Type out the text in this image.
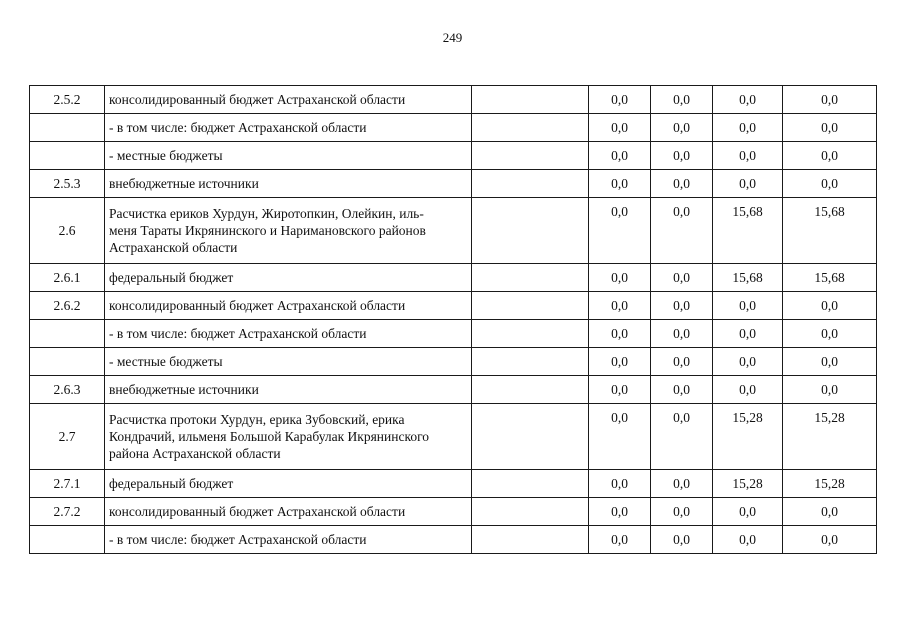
249
2.5.2	консолидированный бюджет Астраханской области		0,0	0,0	0,0	0,0
	- в том числе: бюджет Астраханской области		0,0	0,0	0,0	0,0
	- местные бюджеты		0,0	0,0	0,0	0,0
2.5.3	внебюджетные источники		0,0	0,0	0,0	0,0
2.6	Расчистка ериков Хурдун, Жиротопкин, Олейкин, иль-
меня Тараты Икрянинского и Наримановского районов
Астраханской области		0,0	0,0	15,68	15,68
2.6.1	федеральный бюджет		0,0	0,0	15,68	15,68
2.6.2	консолидированный бюджет Астраханской области		0,0	0,0	0,0	0,0
	- в том числе: бюджет Астраханской области		0,0	0,0	0,0	0,0
	- местные бюджеты		0,0	0,0	0,0	0,0
2.6.3	внебюджетные источники		0,0	0,0	0,0	0,0
2.7	Расчистка протоки Хурдун, ерика Зубовский, ерика
Кондрачий, ильменя Большой Карабулак Икрянинского
района Астраханской области		0,0	0,0	15,28	15,28
2.7.1	федеральный бюджет		0,0	0,0	15,28	15,28
2.7.2	консолидированный бюджет Астраханской области		0,0	0,0	0,0	0,0
	- в том числе: бюджет Астраханской области		0,0	0,0	0,0	0,0
